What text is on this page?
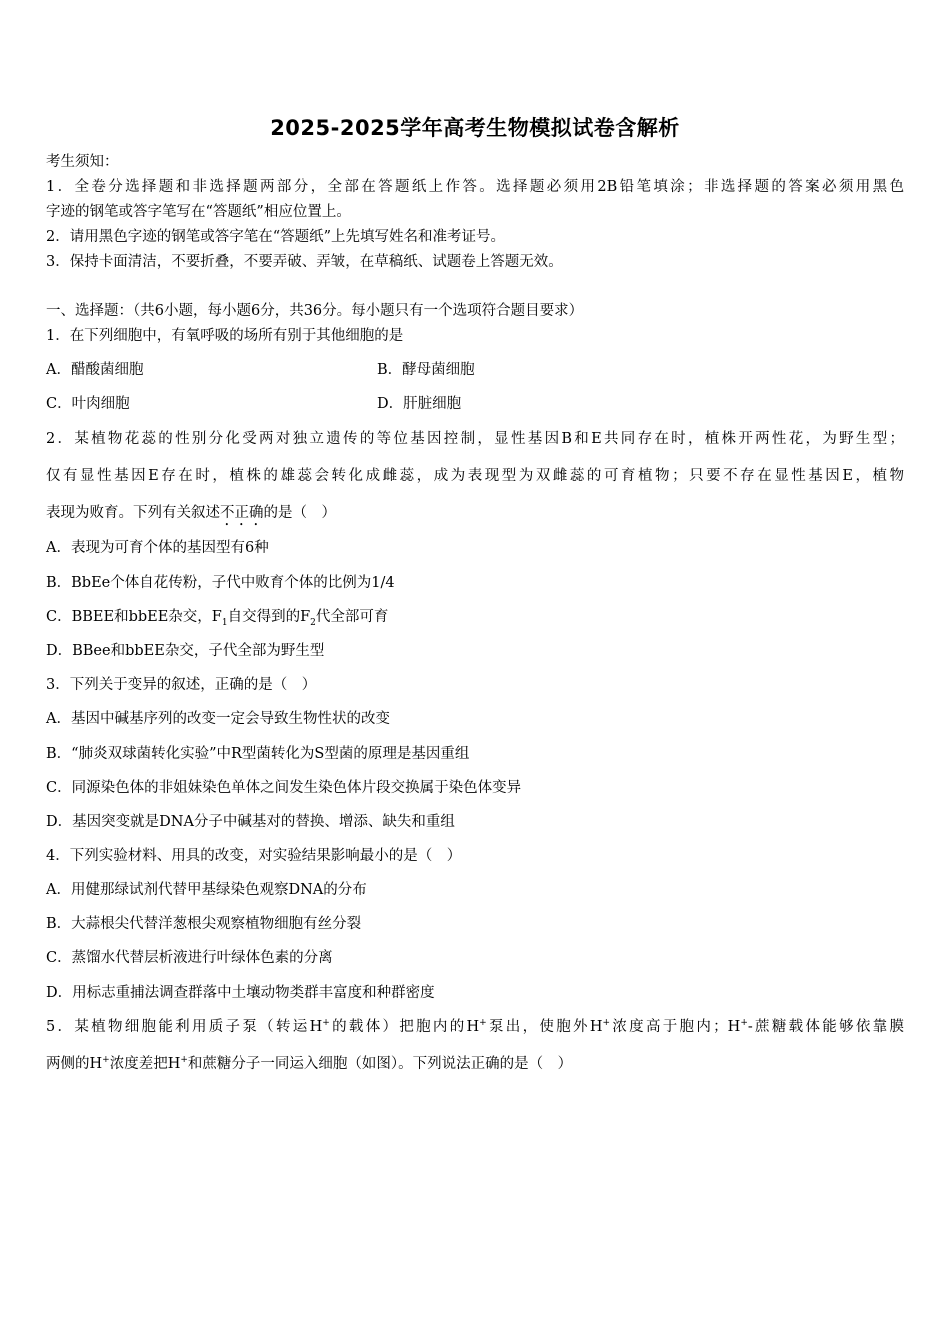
2025-2025学年高考生物模拟试卷含解析
考生须知：
1．全卷分选择题和非选择题两部分，全部在答题纸上作答。选择题必须用2B铅笔填涂；非选择题的答案必须用黑色
字迹的钢笔或答字笔写在“答题纸”相应位置上。
2．请用黑色字迹的钢笔或答字笔在“答题纸”上先填写姓名和准考证号。
3．保持卡面清洁，不要折叠，不要弄破、弄皱，在草稿纸、试题卷上答题无效。
一、选择题：（共6小题，每小题6分，共36分。每小题只有一个选项符合题目要求）
1．在下列细胞中，有氧呼吸的场所有别于其他细胞的是
A．醋酸菌细胞	B．酵母菌细胞
C．叶肉细胞	D．肝脏细胞
2．某植物花蕊的性别分化受两对独立遗传的等位基因控制，显性基因B和E共同存在时，植株开两性花，为野生型；
仅有显性基因E存在时，植株的雄蕊会转化成雌蕊，成为表现型为双雌蕊的可育植物；只要不存在显性基因E，植物
表现为败育。下列有关叙述不正确的是（　）
A．表现为可育个体的基因型有6种
B．BbEe个体自花传粉，子代中败育个体的比例为1/4
C．BBEE和bbEE杂交，$F_1$自交得到的$F_2$代全部可育
D．BBee和bbEE杂交，子代全部为野生型
3．下列关于变异的叙述，正确的是（　）
A．基因中碱基序列的改变一定会导致生物性状的改变
B．“肺炎双球菌转化实验”中R型菌转化为S型菌的原理是基因重组
C．同源染色体的非姐妹染色单体之间发生染色体片段交换属于染色体变异
D．基因突变就是DNA分子中碱基对的替换、增添、缺失和重组
4．下列实验材料、用具的改变，对实验结果影响最小的是（　）
A．用健那绿试剂代替甲基绿染色观察DNA的分布
B．大蒜根尖代替洋葱根尖观察植物细胞有丝分裂
C．蒸馏水代替层析液进行叶绿体色素的分离
D．用标志重捕法调查群落中土壤动物类群丰富度和种群密度
5．某植物细胞能利用质子泵（转运H+的载体）把胞内的H+泵出，使胞外H+浓度高于胞内；H+-蔗糖载体能够依靠膜
两侧的H+浓度差把H+和蔗糖分子一同运入细胞（如图）。下列说法正确的是（　）
